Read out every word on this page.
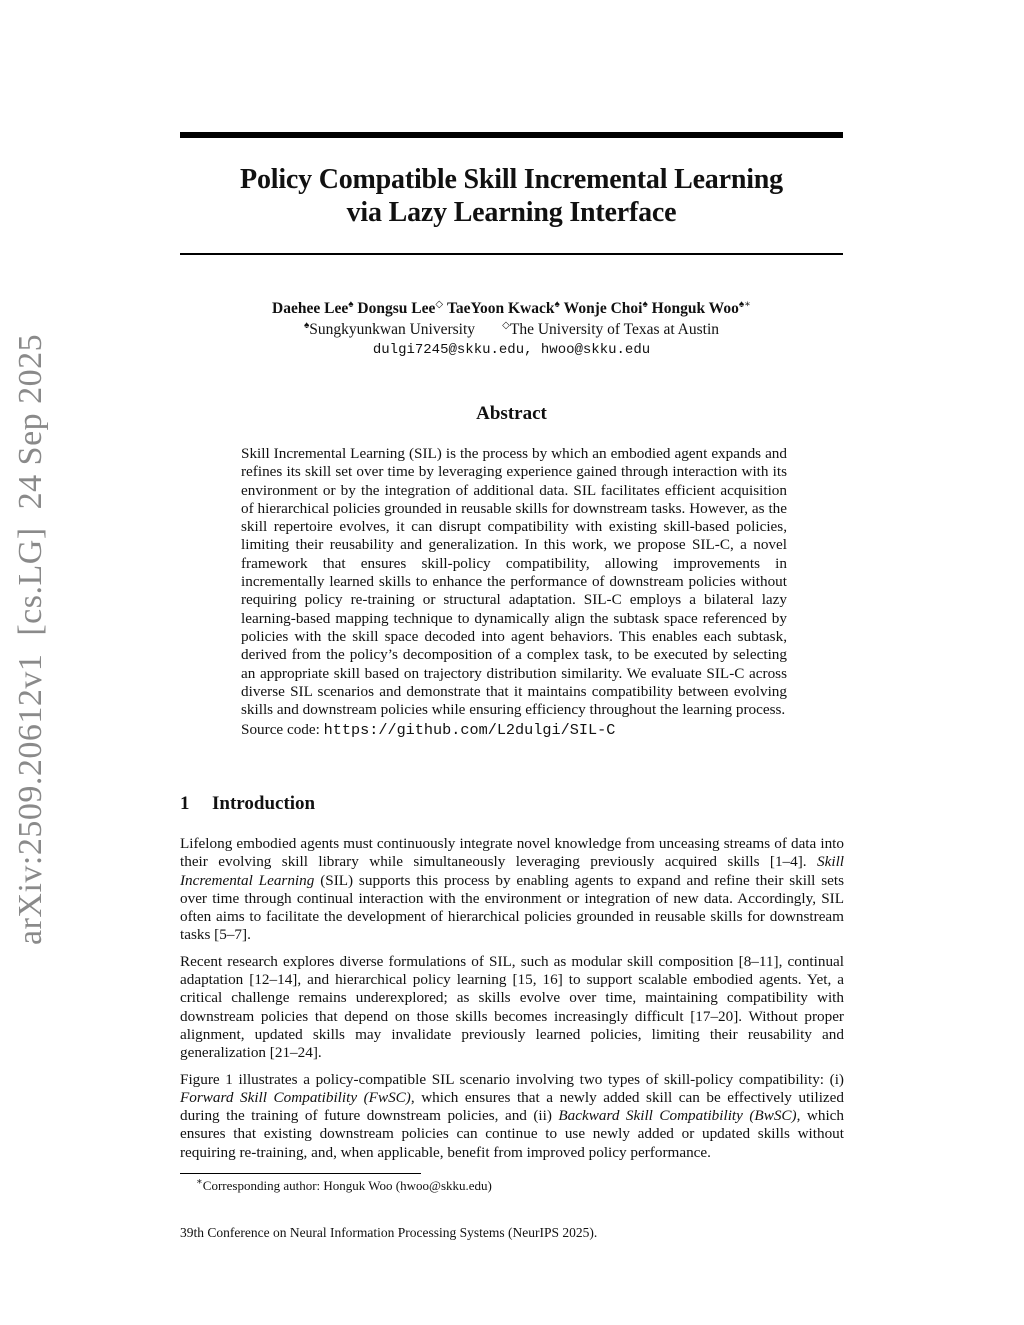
arXiv:2509.20612v1  [cs.LG]  24 Sep 2025
Policy Compatible Skill Incremental Learning
via Lazy Learning Interface
Daehee Lee♠ Dongsu Lee◇ TaeYoon Kwack♠ Wonje Choi♠ Honguk Woo♠∗
♠Sungkyunkwan University	◇The University of Texas at Austin
dulgi7245@skku.edu, hwoo@skku.edu
Abstract
Skill Incremental Learning (SIL) is the process by which an embodied agent expands and refines its skill set over time by leveraging experience gained through interaction with its environment or by the integration of additional data. SIL facilitates efficient acquisition of hierarchical policies grounded in reusable skills for downstream tasks. However, as the skill repertoire evolves, it can disrupt compatibility with existing skill-based policies, limiting their reusability and generalization. In this work, we propose SIL-C, a novel framework that ensures skill-policy compatibility, allowing improvements in incrementally learned skills to enhance the performance of downstream policies without requiring policy re-training or structural adaptation. SIL-C employs a bilateral lazy learning-based mapping technique to dynamically align the subtask space referenced by policies with the skill space decoded into agent behaviors. This enables each subtask, derived from the policy’s decomposition of a complex task, to be executed by selecting an appropriate skill based on trajectory distribution similarity. We evaluate SIL-C across diverse SIL scenarios and demonstrate that it maintains compatibility between evolving skills and downstream policies while ensuring efficiency throughout the learning process.
Source code: https://github.com/L2dulgi/SIL-C
1 Introduction

Lifelong embodied agents must continuously integrate novel knowledge from unceasing streams of data into their evolving skill library while simultaneously leveraging previously acquired skills [1–4]. Skill Incremental Learning (SIL) supports this process by enabling agents to expand and refine their skill sets over time through continual interaction with the environment or integration of new data. Accordingly, SIL often aims to facilitate the development of hierarchical policies grounded in reusable skills for downstream tasks [5–7].

Recent research explores diverse formulations of SIL, such as modular skill composition [8–11], continual adaptation [12–14], and hierarchical policy learning [15, 16] to support scalable embodied agents. Yet, a critical challenge remains underexplored; as skills evolve over time, maintaining compatibility with downstream policies that depend on those skills becomes increasingly difficult [17–20]. Without proper alignment, updated skills may invalidate previously learned policies, limiting their reusability and generalization [21–24].

Figure 1 illustrates a policy-compatible SIL scenario involving two types of skill-policy compatibility: (i) Forward Skill Compatibility (FwSC), which ensures that a newly added skill can be effectively utilized during the training of future downstream policies, and (ii) Backward Skill Compatibility (BwSC), which ensures that existing downstream policies can continue to use newly added or updated skills without requiring re-training, and, when applicable, benefit from improved policy performance.

∗Corresponding author: Honguk Woo (hwoo@skku.edu)
39th Conference on Neural Information Processing Systems (NeurIPS 2025).
